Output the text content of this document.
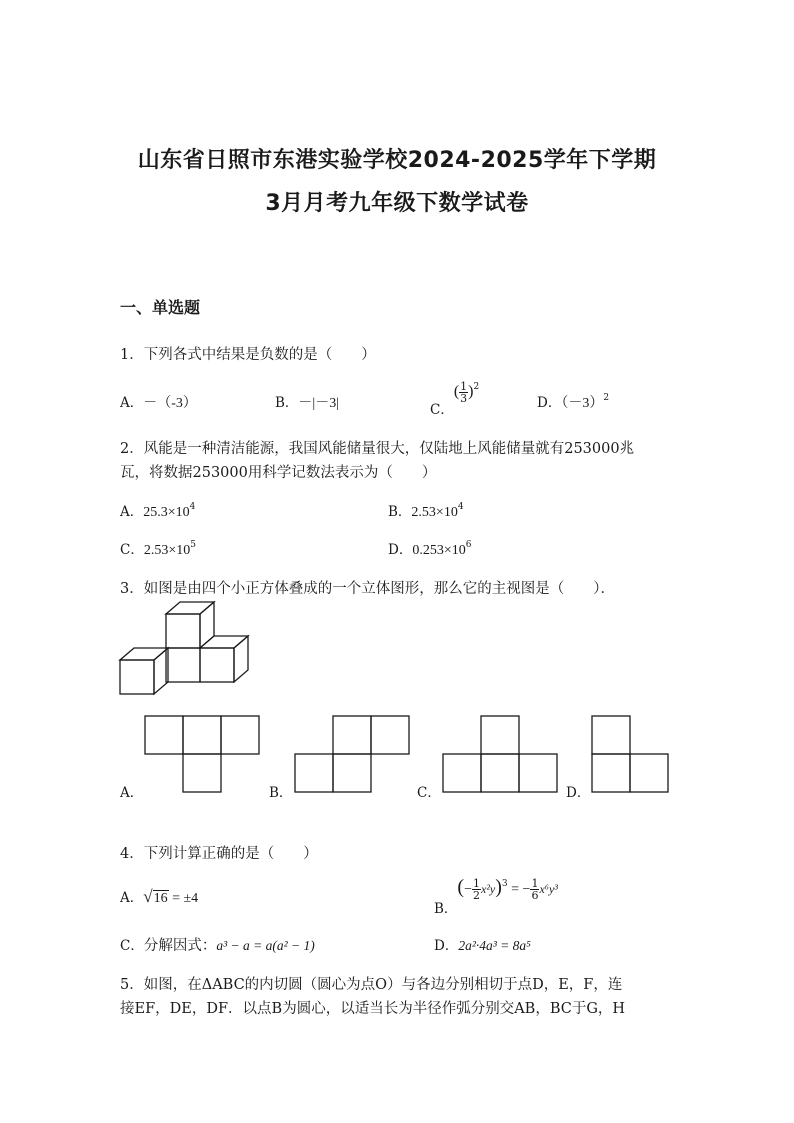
山东省日照市东港实验学校2024-2025学年下学期
3月月考九年级下数学试卷
一、单选题
1．下列各式中结果是负数的是（　　）
A．－（-3）	B．－|－3|	C．( $\frac{1}{3} )^2$
D．$(-3)^2$
2．风能是一种清洁能源，我国风能储量很大，仅陆地上风能储量就有253000兆
瓦，将数据253000用科学记数法表示为（　　）
A．$25.3\times 10^4$	B．$2.53\times 10^4$
C．$2.53\times 10^5$	D．$0.253\times 10^6$
3．如图是由四个小正方体叠成的一个立体图形，那么它的主视图是（　　）．
A．	B．	C．	D．
4．下列计算正确的是（　　）
A．√16 = ±4
B．(− $\frac{1}{2} x^2y)^3$ = − $\frac{1}{6} x^6y^3$
C．分解因式：a³ − a = a(a² − 1)	D．2a²·4a³ = 8a⁵
5．如图，在ΔABC的内切圆（圆心为点O）与各边分别相切于点D，E，F，连
接EF，DE，DF．以点B为圆心，以适当长为半径作弧分别交AB，BC于G，H
